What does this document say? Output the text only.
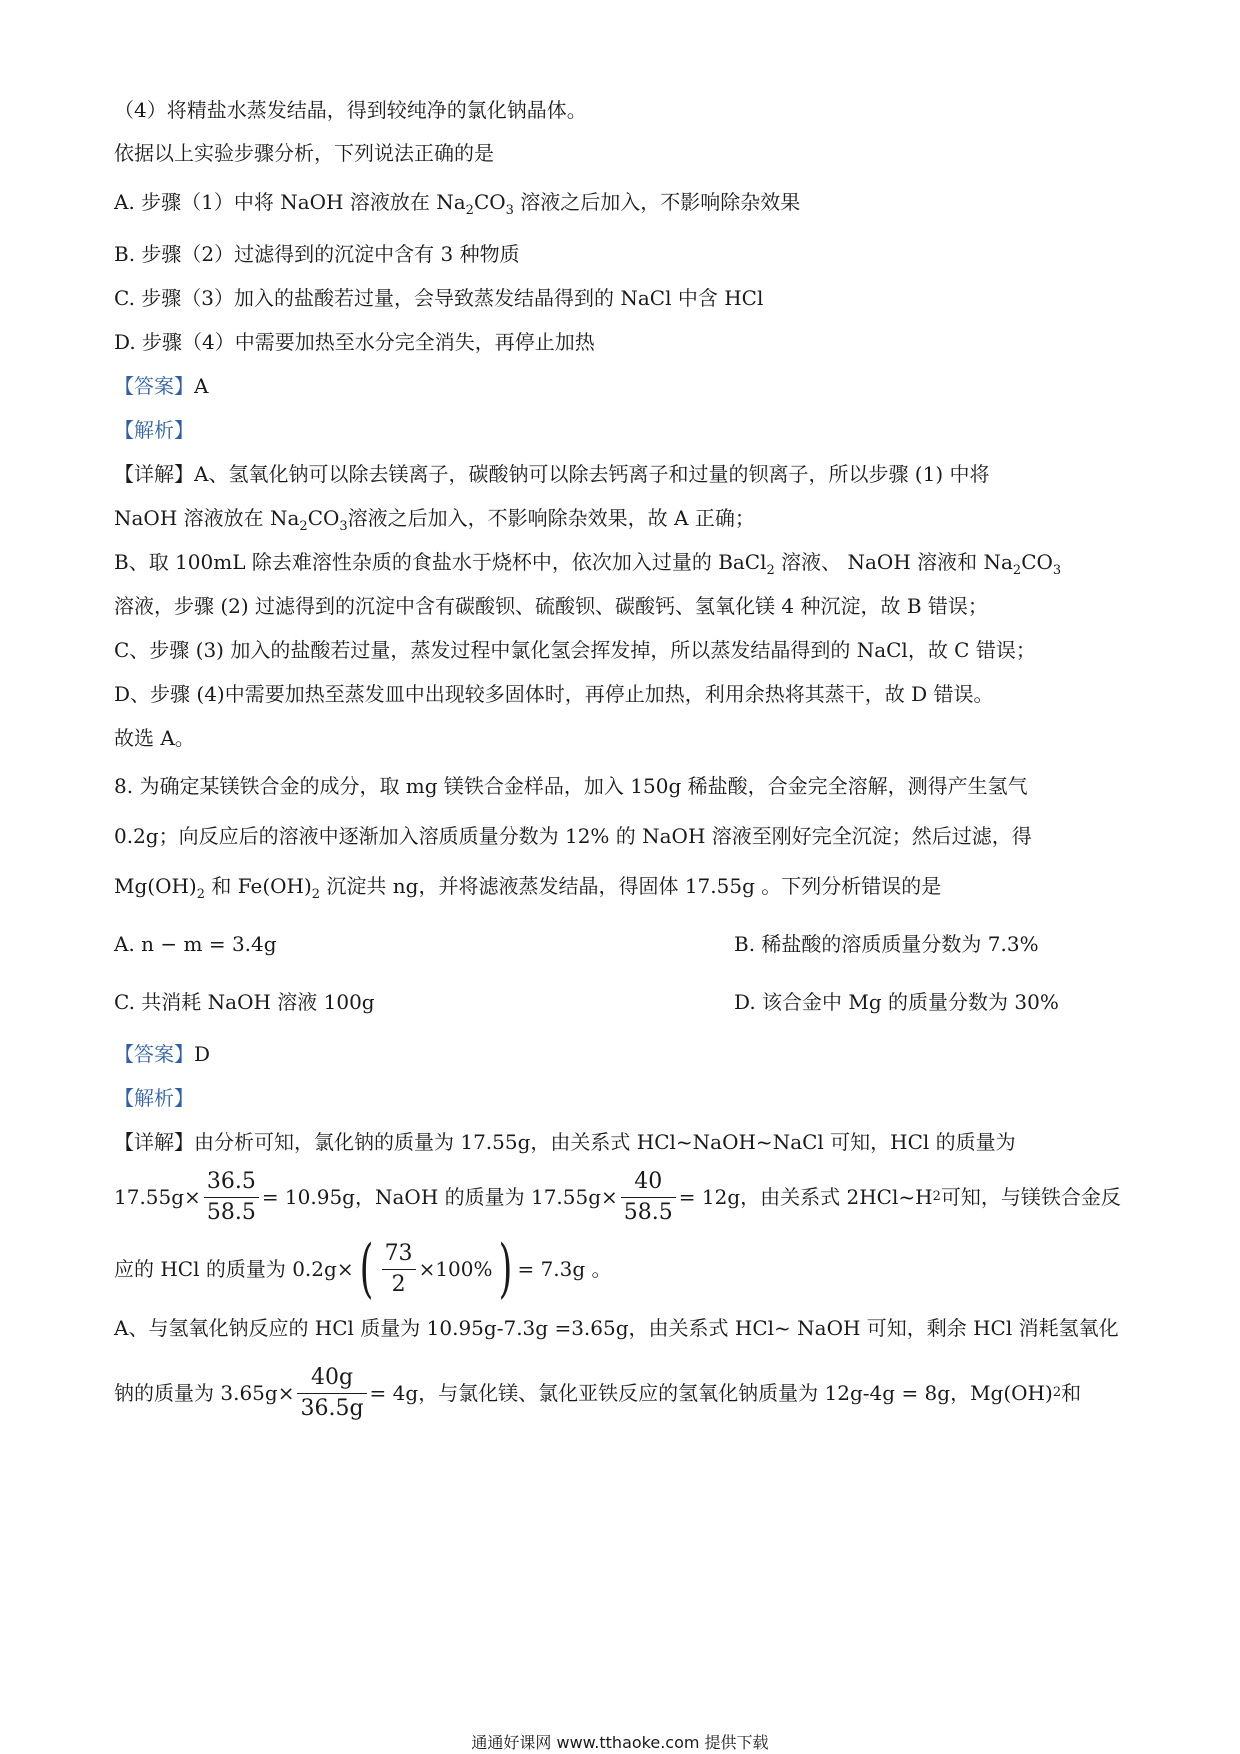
（4）将精盐水蒸发结晶，得到较纯净的氯化钠晶体。
依据以上实验步骤分析，下列说法正确的是
A. 步骤（1）中将 NaOH 溶液放在 $Na_2CO_3$ 溶液之后加入，不影响除杂效果
B. 步骤（2）过滤得到的沉淀中含有 3 种物质
C. 步骤（3）加入的盐酸若过量，会导致蒸发结晶得到的 NaCl 中含 HCl
D. 步骤（4）中需要加热至水分完全消失，再停止加热
【答案】A
【解析】
【详解】A、氢氧化钠可以除去镁离子，碳酸钠可以除去钙离子和过量的钡离子，所以步骤 (1) 中将
NaOH 溶液放在 $Na_2CO_3$溶液之后加入，不影响除杂效果，故 A 正确；
B、取 100mL 除去难溶性杂质的食盐水于烧杯中，依次加入过量的 BaCl$_2$ 溶液、 NaOH 溶液和 $Na_2CO_3$
溶液，步骤 (2) 过滤得到的沉淀中含有碳酸钡、硫酸钡、碳酸钙、氢氧化镁 4 种沉淀，故 B 错误；
C、步骤 (3) 加入的盐酸若过量，蒸发过程中氯化氢会挥发掉，所以蒸发结晶得到的 NaCl，故 C 错误；
D、步骤 (4)中需要加热至蒸发皿中出现较多固体时，再停止加热，利用余热将其蒸干，故 D 错误。
故选 A。
8. 为确定某镁铁合金的成分，取 mg 镁铁合金样品，加入 150g 稀盐酸，合金完全溶解，测得产生氢气
0.2g；向反应后的溶液中逐渐加入溶质质量分数为 12% 的 NaOH 溶液至刚好完全沉淀；然后过滤，得
$Mg(OH)_2$ 和 $Fe(OH)_2$ 沉淀共 ng，并将滤液蒸发结晶，得固体 17.55g 。下列分析错误的是
A. n − m = 3.4g	B. 稀盐酸的溶质质量分数为 7.3%
C. 共消耗 NaOH 溶液 100g	D. 该合金中 Mg 的质量分数为 30%
【答案】D
【解析】
【详解】由分析可知，氯化钠的质量为 17.55g，由关系式 HCl~NaOH~NaCl 可知，HCl 的质量为
$17.55g\times \frac{36.5}{58.5} = 10.95g$ ，NaOH 的质量为 $17.55g\times \frac{40}{58.5} = 12g$ ，由关系式 2HCl~H 2 可知，与镁铁合金反
应的 HCl 的质量为 0.2g× ( $\frac{73}{2} \times 100\%$ ) = 7.3g 。
A、与氢氧化钠反应的 HCl 质量为 10.95g-7.3g =3.65g，由关系式 HCl~ NaOH 可知，剩余 HCl 消耗氢氧化
钠的质量为 $3.65g\times \frac{40g}{36.5g} = 4g$ ，与氯化镁、氯化亚铁反应的氢氧化钠质量为 12g-4g = 8g，Mg(OH) 2 和
通通好课网 www.tthaoke.com 提供下载
